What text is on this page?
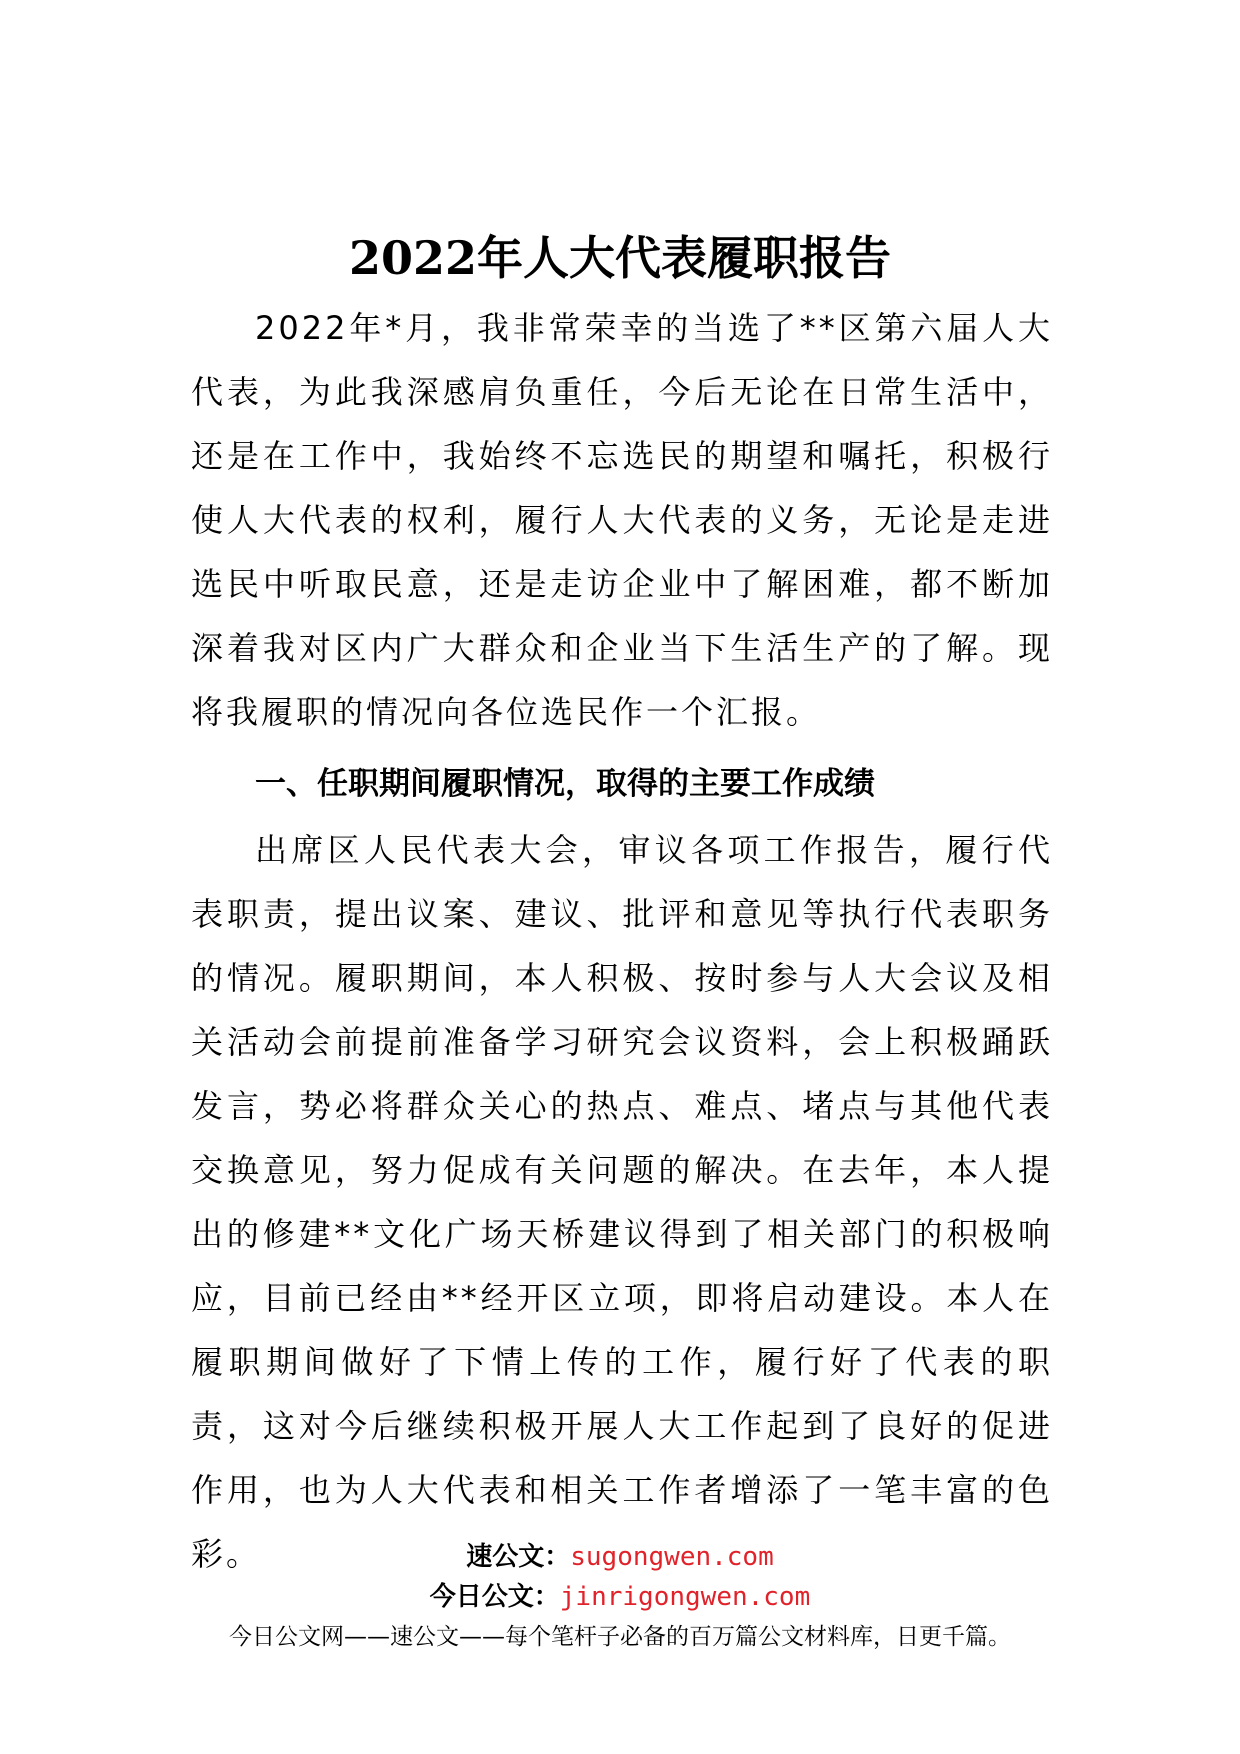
2022年人大代表履职报告

2022年*月，我非常荣幸的当选了**区第六届人大代表，为此我深感肩负重任，今后无论在日常生活中，还是在工作中，我始终不忘选民的期望和嘱托，积极行使人大代表的权利，履行人大代表的义务，无论是走进选民中听取民意，还是走访企业中了解困难，都不断加深着我对区内广大群众和企业当下生活生产的了解。现将我履职的情况向各位选民作一个汇报。

一、任职期间履职情况，取得的主要工作成绩

出席区人民代表大会，审议各项工作报告，履行代表职责，提出议案、建议、批评和意见等执行代表职务的情况。履职期间，本人积极、按时参与人大会议及相关活动会前提前准备学习研究会议资料，会上积极踊跃发言，势必将群众关心的热点、难点、堵点与其他代表交换意见，努力促成有关问题的解决。在去年，本人提出的修建**文化广场天桥建议得到了相关部门的积极响应，目前已经由**经开区立项，即将启动建设。本人在履职期间做好了下情上传的工作，履行好了代表的职责，这对今后继续积极开展人大工作起到了良好的促进作用，也为人大代表和相关工作者增添了一笔丰富的色彩。	速公文：sugongwen.com
今日公文：jinrigongwen.com
今日公文网——速公文——每个笔杆子必备的百万篇公文材料库，日更千篇。
